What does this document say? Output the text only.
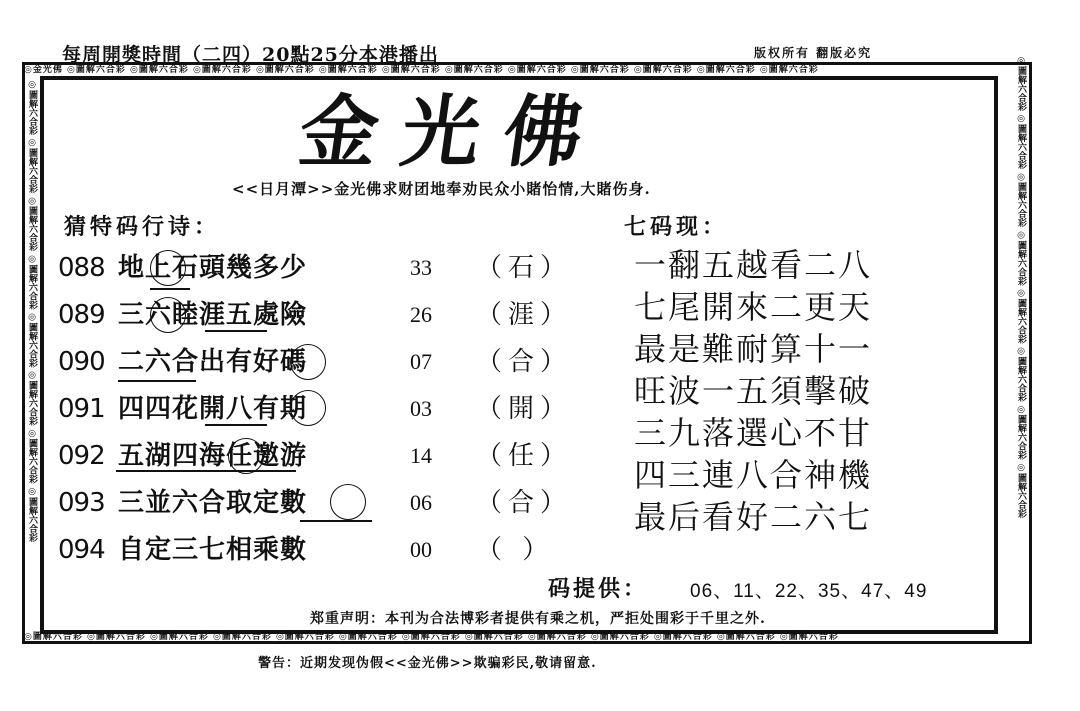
每周開獎時間（二四）20點25分本港播出	版权所有 翻版必究
◎金光佛 ◎圖解六合彩 ◎圖解六合彩 ◎圖解六合彩 ◎圖解六合彩 ◎圖解六合彩 ◎圖解六合彩 ◎圖解六合彩 ◎圖解六合彩 ◎圖解六合彩 ◎圖解六合彩 ◎圖解六合彩 ◎圖解六合彩
◎圖解六合彩 ◎圖解六合彩 ◎圖解六合彩 ◎圖解六合彩 ◎圖解六合彩 ◎圖解六合彩 ◎圖解六合彩 ◎圖解六合彩 ◎圖解六合彩 ◎圖解六合彩 ◎圖解六合彩 ◎圖解六合彩 ◎圖解六合彩
◎圖解六合彩 ◎圖解六合彩 ◎圖解六合彩 ◎圖解六合彩 ◎圖解六合彩 ◎圖解六合彩 ◎圖解六合彩 ◎圖解六合彩	◎圖解六合彩 ◎圖解六合彩 ◎圖解六合彩 ◎圖解六合彩 ◎圖解六合彩 ◎圖解六合彩 ◎圖解六合彩 ◎圖解六合彩
金光佛
<<日月潭>>金光佛求财团地奉劝民众小賭怡情,大賭伤身.
猜特码行诗：	七码现：
088 地上石頭幾多少	33 （石）
089 三六睦涯五處險	26 （涯）
090 二六合出有好碼	07 （合）
091 四四花開八有期	03 （開）
092 五湖四海任邀游	14 （任）
093 三並六合取定數	06 （合）
094 自定三七相乘數	00 （ ）
一翻五越看二八
七尾開來二更天
最是難耐算十一
旺波一五須擊破
三九落選心不甘
四三連八合神機
最后看好二六七
码提供： 06、11、22、35、47、49
郑重声明：本刊为合法博彩者提供有乘之机，严拒处围彩于千里之外.
警告：近期发现伪假<<金光佛>>欺骗彩民,敬请留意.
